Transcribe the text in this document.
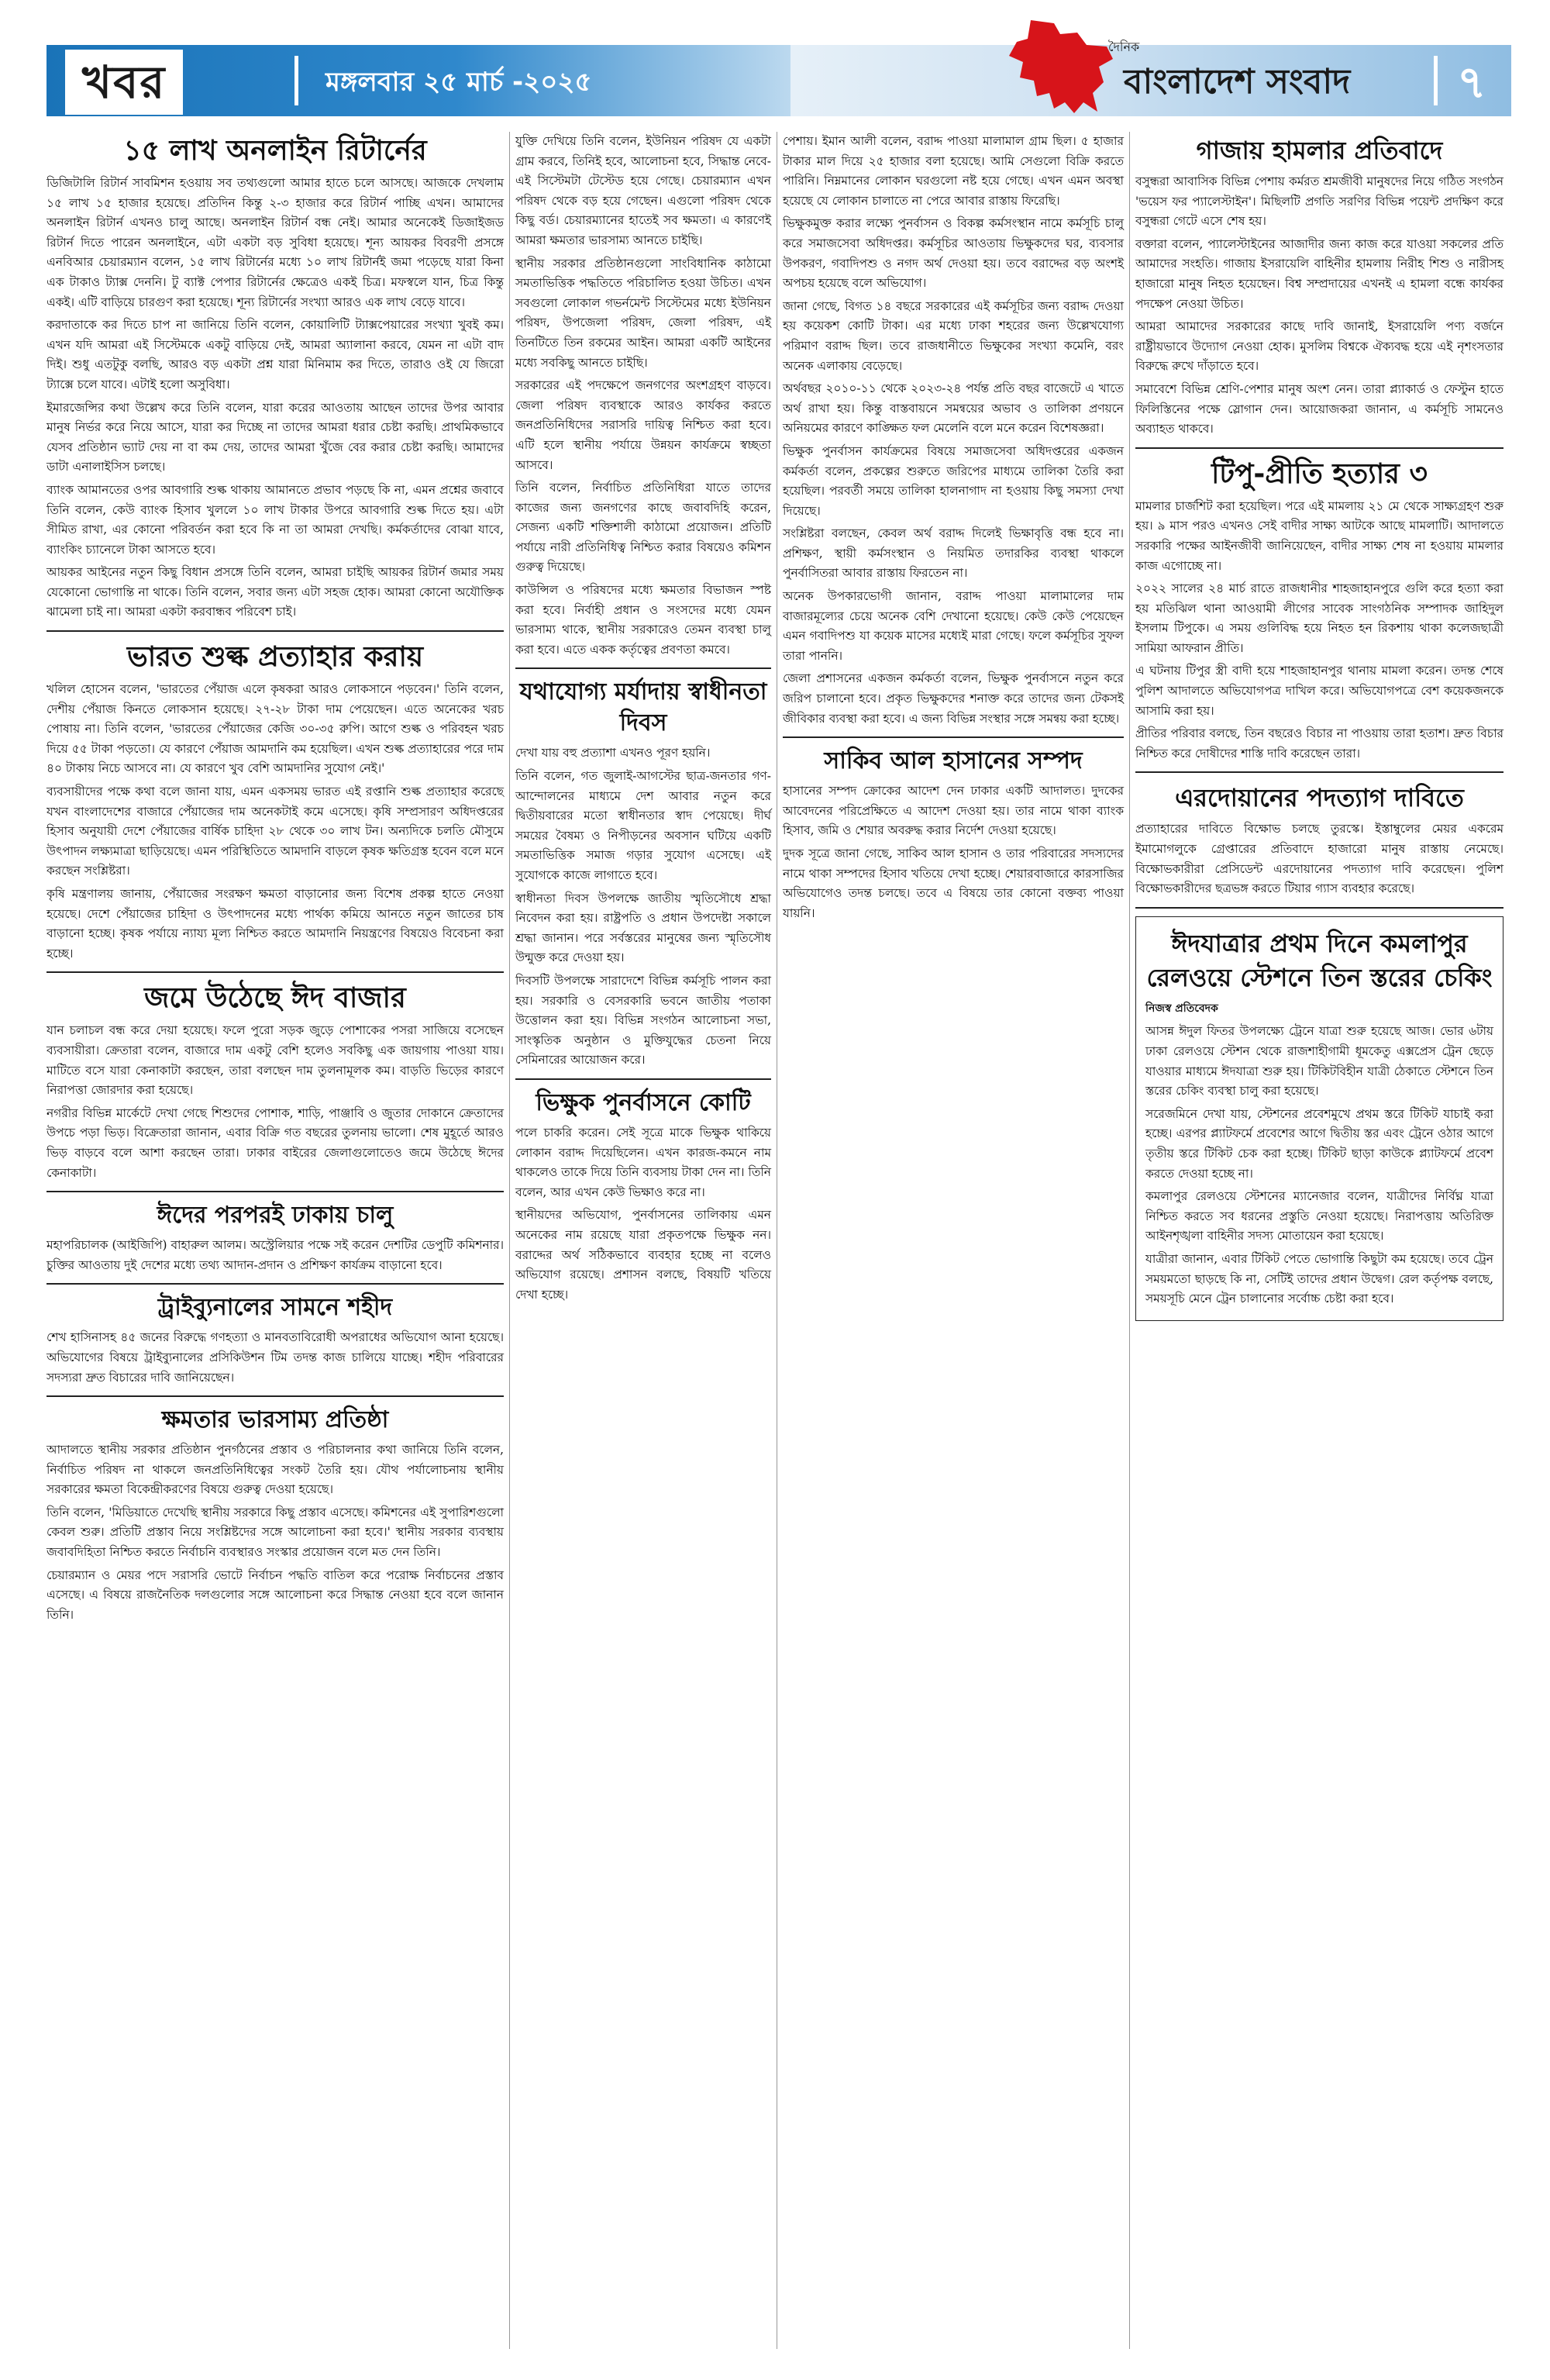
খবর	মঙ্গলবার ২৫ মার্চ -২০২৫
দৈনিক
বাংলাদেশ সংবাদ ৭
১৫ লাখ অনলাইন রিটার্নের

ডিজিটালি রিটার্ন সাবমিশন হওয়ায় সব তথ্যগুলো আমার হাতে চলে আসছে। আজকে দেখলাম ১৫ লাখ ১৫ হাজার হয়েছে। প্রতিদিন কিন্তু ২-৩ হাজার করে রিটার্ন পাচ্ছি এখন। আমাদের অনলাইন রিটার্ন এখনও চালু আছে। অনলাইন রিটার্ন বন্ধ নেই। আমার অনেকেই ডিজাইজড রিটার্ন দিতে পারেন অনলাইনে, এটা একটা বড় সুবিধা হয়েছে। শূন্য আয়কর বিবরণী প্রসঙ্গে এনবিআর চেয়ারম্যান বলেন, ১৫ লাখ রিটার্নের মধ্যে ১০ লাখ রিটার্নই জমা পড়েছে যারা কিনা এক টাকাও ট্যাক্স দেননি। টু ব্যাক্ট পেপার রিটার্নের ক্ষেত্রেও একই চিত্র। মফস্বলে যান, চিত্র কিন্তু একই। এটি বাড়িয়ে চারগুণ করা হয়েছে। শূন্য রিটার্নের সংখ্যা আরও এক লাখ বেড়ে যাবে।

করদাতাকে কর দিতে চাপ না জানিয়ে তিনি বলেন, কোয়ালিটি ট্যাক্সপেয়ারের সংখ্যা খুবই কম। এখন যদি আমরা এই সিস্টেমকে একটু বাড়িয়ে দেই, আমরা অ্যালানা করবে, যেমন না এটা বাদ দিই। শুধু এতটুকু বলছি, আরও বড় একটা প্রশ্ন যারা মিনিমাম কর দিতে, তারাও ওই যে জিরো ট্যাক্সে চলে যাবে। এটাই হলো অসুবিধা।

ইমারজেন্সির কথা উল্লেখ করে তিনি বলেন, যারা করের আওতায় আছেন তাদের উপর আবার মানুষ নির্ভর করে নিয়ে আসে, যারা কর দিচ্ছে না তাদের আমরা ধরার চেষ্টা করছি। প্রাথমিকভাবে যেসব প্রতিষ্ঠান ভ্যাট দেয় না বা কম দেয়, তাদের আমরা খুঁজে বের করার চেষ্টা করছি। আমাদের ডাটা এনালাইসিস চলছে।

ব্যাংক আমানতের ওপর আবগারি শুল্ক থাকায় আমানতে প্রভাব পড়ছে কি না, এমন প্রশ্নের জবাবে তিনি বলেন, কেউ ব্যাংক হিসাব খুললে ১০ লাখ টাকার উপরে আবগারি শুল্ক দিতে হয়। এটা সীমিত রাখা, এর কোনো পরিবর্তন করা হবে কি না তা আমরা দেখছি। কর্মকর্তাদের বোঝা যাবে, ব্যাংকিং চ্যানেলে টাকা আসতে হবে।

আয়কর আইনের নতুন কিছু বিধান প্রসঙ্গে তিনি বলেন, আমরা চাইছি আয়কর রিটার্ন জমার সময় যেকোনো ভোগান্তি না থাকে। তিনি বলেন, সবার জন্য এটা সহজ হোক। আমরা কোনো অযৌক্তিক ঝামেলা চাই না। আমরা একটা করবান্ধব পরিবেশ চাই।

ভারত শুল্ক প্রত্যাহার করায়

খলিল হোসেন বলেন, 'ভারতের পেঁয়াজ এলে কৃষকরা আরও লোকসানে পড়বেন।' তিনি বলেন, দেশীয় পেঁয়াজ কিনতে লোকসান হয়েছে। ২৭-২৮ টাকা দাম পেয়েছেন। এতে অনেকের খরচ পোষায় না। তিনি বলেন, 'ভারতের পেঁয়াজের কেজি ৩০-৩৫ রুপি। আগে শুল্ক ও পরিবহন খরচ দিয়ে ৫৫ টাকা পড়তো। যে কারণে পেঁয়াজ আমদানি কম হয়েছিল। এখন শুল্ক প্রত্যাহারের পরে দাম ৪০ টাকায় নিচে আসবে না। যে কারণে খুব বেশি আমদানির সুযোগ নেই।'

ব্যবসায়ীদের পক্ষে কথা বলে জানা যায়, এমন একসময় ভারত এই রপ্তানি শুল্ক প্রত্যাহার করেছে যখন বাংলাদেশের বাজারে পেঁয়াজের দাম অনেকটাই কমে এসেছে। কৃষি সম্প্রসারণ অধিদপ্তরের হিসাব অনুযায়ী দেশে পেঁয়াজের বার্ষিক চাহিদা ২৮ থেকে ৩০ লাখ টন। অন্যদিকে চলতি মৌসুমে উৎপাদন লক্ষ্যমাত্রা ছাড়িয়েছে। এমন পরিস্থিতিতে আমদানি বাড়লে কৃষক ক্ষতিগ্রস্ত হবেন বলে মনে করছেন সংশ্লিষ্টরা।

কৃষি মন্ত্রণালয় জানায়, পেঁয়াজের সংরক্ষণ ক্ষমতা বাড়ানোর জন্য বিশেষ প্রকল্প হাতে নেওয়া হয়েছে। দেশে পেঁয়াজের চাহিদা ও উৎপাদনের মধ্যে পার্থক্য কমিয়ে আনতে নতুন জাতের চাষ বাড়ানো হচ্ছে। কৃষক পর্যায়ে ন্যায্য মূল্য নিশ্চিত করতে আমদানি নিয়ন্ত্রণের বিষয়েও বিবেচনা করা হচ্ছে।

জমে উঠেছে ঈদ বাজার

যান চলাচল বন্ধ করে দেয়া হয়েছে। ফলে পুরো সড়ক জুড়ে পোশাকের পসরা সাজিয়ে বসেছেন ব্যবসায়ীরা। ক্রেতারা বলেন, বাজারে দাম একটু বেশি হলেও সবকিছু এক জায়গায় পাওয়া যায়। মাটিতে বসে যারা কেনাকাটা করছেন, তারা বলছেন দাম তুলনামূলক কম। বাড়তি ভিড়ের কারণে নিরাপত্তা জোরদার করা হয়েছে।

নগরীর বিভিন্ন মার্কেটে দেখা গেছে শিশুদের পোশাক, শাড়ি, পাঞ্জাবি ও জুতার দোকানে ক্রেতাদের উপচে পড়া ভিড়। বিক্রেতারা জানান, এবার বিক্রি গত বছরের তুলনায় ভালো। শেষ মুহূর্তে আরও ভিড় বাড়বে বলে আশা করছেন তারা। ঢাকার বাইরের জেলাগুলোতেও জমে উঠেছে ঈদের কেনাকাটা।

ঈদের পরপরই ঢাকায় চালু

মহাপরিচালক (আইজিপি) বাহারুল আলম। অস্ট্রেলিয়ার পক্ষে সই করেন দেশটির ডেপুটি কমিশনার। চুক্তির আওতায় দুই দেশের মধ্যে তথ্য আদান-প্রদান ও প্রশিক্ষণ কার্যক্রম বাড়ানো হবে।

ট্রাইব্যুনালের সামনে শহীদ

শেখ হাসিনাসহ ৪৫ জনের বিরুদ্ধে গণহত্যা ও মানবতাবিরোধী অপরাধের অভিযোগ আনা হয়েছে। অভিযোগের বিষয়ে ট্রাইব্যুনালের প্রসিকিউশন টিম তদন্ত কাজ চালিয়ে যাচ্ছে। শহীদ পরিবারের সদস্যরা দ্রুত বিচারের দাবি জানিয়েছেন।

ক্ষমতার ভারসাম্য প্রতিষ্ঠা

আদালতে স্থানীয় সরকার প্রতিষ্ঠান পুনর্গঠনের প্রস্তাব ও পরিচালনার কথা জানিয়ে তিনি বলেন, নির্বাচিত পরিষদ না থাকলে জনপ্রতিনিধিত্বের সংকট তৈরি হয়। যৌথ পর্যালোচনায় স্থানীয় সরকারের ক্ষমতা বিকেন্দ্রীকরণের বিষয়ে গুরুত্ব দেওয়া হয়েছে।

তিনি বলেন, 'মিডিয়াতে দেখেছি স্থানীয় সরকারে কিছু প্রস্তাব এসেছে। কমিশনের এই সুপারিশগুলো কেবল শুরু। প্রতিটি প্রস্তাব নিয়ে সংশ্লিষ্টদের সঙ্গে আলোচনা করা হবে।' স্থানীয় সরকার ব্যবস্থায় জবাবদিহিতা নিশ্চিত করতে নির্বাচনি ব্যবস্থারও সংস্কার প্রয়োজন বলে মত দেন তিনি।

চেয়ারম্যান ও মেয়র পদে সরাসরি ভোটে নির্বাচন পদ্ধতি বাতিল করে পরোক্ষ নির্বাচনের প্রস্তাব এসেছে। এ বিষয়ে রাজনৈতিক দলগুলোর সঙ্গে আলোচনা করে সিদ্ধান্ত নেওয়া হবে বলে জানান তিনি।

যুক্তি দেখিয়ে তিনি বলেন, ইউনিয়ন পরিষদ যে একটা গ্রাম করবে, তিনিই হবে, আলোচনা হবে, সিদ্ধান্ত নেবে-এই সিস্টেমটা টেস্টেড হয়ে গেছে। চেয়ারম্যান এখন পরিষদ থেকে বড় হয়ে গেছেন। এগুলো পরিষদ থেকে কিছু বর্ড। চেয়ারম্যানের হাতেই সব ক্ষমতা। এ কারণেই আমরা ক্ষমতার ভারসাম্য আনতে চাইছি।

স্থানীয় সরকার প্রতিষ্ঠানগুলো সাংবিধানিক কাঠামো সমতাভিত্তিক পদ্ধতিতে পরিচালিত হওয়া উচিত। এখন সবগুলো লোকাল গভর্নমেন্ট সিস্টেমের মধ্যে ইউনিয়ন পরিষদ, উপজেলা পরিষদ, জেলা পরিষদ, এই তিনটিতে তিন রকমের আইন। আমরা একটি আইনের মধ্যে সবকিছু আনতে চাইছি।

সরকারের এই পদক্ষেপে জনগণের অংশগ্রহণ বাড়বে। জেলা পরিষদ ব্যবস্থাকে আরও কার্যকর করতে জনপ্রতিনিধিদের সরাসরি দায়িত্ব নিশ্চিত করা হবে। এটি হলে স্থানীয় পর্যায়ে উন্নয়ন কার্যক্রমে স্বচ্ছতা আসবে।

তিনি বলেন, নির্বাচিত প্রতিনিধিরা যাতে তাদের কাজের জন্য জনগণের কাছে জবাবদিহি করেন, সেজন্য একটি শক্তিশালী কাঠামো প্রয়োজন। প্রতিটি পর্যায়ে নারী প্রতিনিধিত্ব নিশ্চিত করার বিষয়েও কমিশন গুরুত্ব দিয়েছে।

কাউন্সিল ও পরিষদের মধ্যে ক্ষমতার বিভাজন স্পষ্ট করা হবে। নির্বাহী প্রধান ও সংসদের মধ্যে যেমন ভারসাম্য থাকে, স্থানীয় সরকারেও তেমন ব্যবস্থা চালু করা হবে। এতে একক কর্তৃত্বের প্রবণতা কমবে।

যথাযোগ্য মর্যাদায় স্বাধীনতা দিবস

দেখা যায় বহু প্রত্যাশা এখনও পূরণ হয়নি।

তিনি বলেন, গত জুলাই-আগস্টের ছাত্র-জনতার গণ-আন্দোলনের মাধ্যমে দেশ আবার নতুন করে দ্বিতীয়বারের মতো স্বাধীনতার স্বাদ পেয়েছে। দীর্ঘ সময়ের বৈষম্য ও নিপীড়নের অবসান ঘটিয়ে একটি সমতাভিত্তিক সমাজ গড়ার সুযোগ এসেছে। এই সুযোগকে কাজে লাগাতে হবে।

স্বাধীনতা দিবস উপলক্ষে জাতীয় স্মৃতিসৌধে শ্রদ্ধা নিবেদন করা হয়। রাষ্ট্রপতি ও প্রধান উপদেষ্টা সকালে শ্রদ্ধা জানান। পরে সর্বস্তরের মানুষের জন্য স্মৃতিসৌধ উন্মুক্ত করে দেওয়া হয়।

দিবসটি উপলক্ষে সারাদেশে বিভিন্ন কর্মসূচি পালন করা হয়। সরকারি ও বেসরকারি ভবনে জাতীয় পতাকা উত্তোলন করা হয়। বিভিন্ন সংগঠন আলোচনা সভা, সাংস্কৃতিক অনুষ্ঠান ও মুক্তিযুদ্ধের চেতনা নিয়ে সেমিনারের আয়োজন করে।

ভিক্ষুক পুনর্বাসনে কোটি

পলে চাকরি করেন। সেই সূত্রে মাকে ভিক্ষুক থাকিয়ে লোকান বরাদ্দ দিয়েছিলেন। এখন কারজ-কমনে নাম থাকলেও তাকে দিয়ে তিনি ব্যবসায় টাকা দেন না। তিনি বলেন, আর এখন কেউ ভিক্ষাও করে না।

স্থানীয়দের অভিযোগ, পুনর্বাসনের তালিকায় এমন অনেকের নাম রয়েছে যারা প্রকৃতপক্ষে ভিক্ষুক নন। বরাদ্দের অর্থ সঠিকভাবে ব্যবহার হচ্ছে না বলেও অভিযোগ রয়েছে। প্রশাসন বলছে, বিষয়টি খতিয়ে দেখা হচ্ছে।

পেশায়। ইমান আলী বলেন, বরাদ্দ পাওয়া মালামাল গ্রাম ছিল। ৫ হাজার টাকার মাল দিয়ে ২৫ হাজার বলা হয়েছে। আমি সেগুলো বিক্রি করতে পারিনি। নিম্নমানের লোকান ঘরগুলো নষ্ট হয়ে গেছে। এখন এমন অবস্থা হয়েছে যে লোকান চালাতে না পেরে আবার রাস্তায় ফিরেছি।

ভিক্ষুকমুক্ত করার লক্ষ্যে পুনর্বাসন ও বিকল্প কর্মসংস্থান নামে কর্মসূচি চালু করে সমাজসেবা অধিদপ্তর। কর্মসূচির আওতায় ভিক্ষুকদের ঘর, ব্যবসার উপকরণ, গবাদিপশু ও নগদ অর্থ দেওয়া হয়। তবে বরাদ্দের বড় অংশই অপচয় হয়েছে বলে অভিযোগ।

জানা গেছে, বিগত ১৪ বছরে সরকারের এই কর্মসূচির জন্য বরাদ্দ দেওয়া হয় কয়েকশ কোটি টাকা। এর মধ্যে ঢাকা শহরের জন্য উল্লেখযোগ্য পরিমাণ বরাদ্দ ছিল। তবে রাজধানীতে ভিক্ষুকের সংখ্যা কমেনি, বরং অনেক এলাকায় বেড়েছে।

অর্থবছর ২০১০-১১ থেকে ২০২৩-২৪ পর্যন্ত প্রতি বছর বাজেটে এ খাতে অর্থ রাখা হয়। কিন্তু বাস্তবায়নে সমন্বয়ের অভাব ও তালিকা প্রণয়নে অনিয়মের কারণে কাঙ্ক্ষিত ফল মেলেনি বলে মনে করেন বিশেষজ্ঞরা।

ভিক্ষুক পুনর্বাসন কার্যক্রমের বিষয়ে সমাজসেবা অধিদপ্তরের একজন কর্মকর্তা বলেন, প্রকল্পের শুরুতে জরিপের মাধ্যমে তালিকা তৈরি করা হয়েছিল। পরবর্তী সময়ে তালিকা হালনাগাদ না হওয়ায় কিছু সমস্যা দেখা দিয়েছে।

সংশ্লিষ্টরা বলছেন, কেবল অর্থ বরাদ্দ দিলেই ভিক্ষাবৃত্তি বন্ধ হবে না। প্রশিক্ষণ, স্থায়ী কর্মসংস্থান ও নিয়মিত তদারকির ব্যবস্থা থাকলে পুনর্বাসিতরা আবার রাস্তায় ফিরতেন না।

অনেক উপকারভোগী জানান, বরাদ্দ পাওয়া মালামালের দাম বাজারমূল্যের চেয়ে অনেক বেশি দেখানো হয়েছে। কেউ কেউ পেয়েছেন এমন গবাদিপশু যা কয়েক মাসের মধ্যেই মারা গেছে। ফলে কর্মসূচির সুফল তারা পাননি।

জেলা প্রশাসনের একজন কর্মকর্তা বলেন, ভিক্ষুক পুনর্বাসনে নতুন করে জরিপ চালানো হবে। প্রকৃত ভিক্ষুকদের শনাক্ত করে তাদের জন্য টেকসই জীবিকার ব্যবস্থা করা হবে। এ জন্য বিভিন্ন সংস্থার সঙ্গে সমন্বয় করা হচ্ছে।

সাকিব আল হাসানের সম্পদ

হাসানের সম্পদ ক্রোকের আদেশ দেন ঢাকার একটি আদালত। দুদকের আবেদনের পরিপ্রেক্ষিতে এ আদেশ দেওয়া হয়। তার নামে থাকা ব্যাংক হিসাব, জমি ও শেয়ার অবরুদ্ধ করার নির্দেশ দেওয়া হয়েছে।

দুদক সূত্রে জানা গেছে, সাকিব আল হাসান ও তার পরিবারের সদস্যদের নামে থাকা সম্পদের হিসাব খতিয়ে দেখা হচ্ছে। শেয়ারবাজারে কারসাজির অভিযোগেও তদন্ত চলছে। তবে এ বিষয়ে তার কোনো বক্তব্য পাওয়া যায়নি।

গাজায় হামলার প্রতিবাদে

বসুন্ধরা আবাসিক বিভিন্ন পেশায় কর্মরত শ্রমজীবী মানুষদের নিয়ে গঠিত সংগঠন 'ভয়েস ফর প্যালেস্টাইন'। মিছিলটি প্রগতি সরণির বিভিন্ন পয়েন্ট প্রদক্ষিণ করে বসুন্ধরা গেটে এসে শেষ হয়।

বক্তারা বলেন, প্যালেস্টাইনের আজাদীর জন্য কাজ করে যাওয়া সকলের প্রতি আমাদের সংহতি। গাজায় ইসরায়েলি বাহিনীর হামলায় নিরীহ শিশু ও নারীসহ হাজারো মানুষ নিহত হয়েছেন। বিশ্ব সম্প্রদায়ের এখনই এ হামলা বন্ধে কার্যকর পদক্ষেপ নেওয়া উচিত।

আমরা আমাদের সরকারের কাছে দাবি জানাই, ইসরায়েলি পণ্য বর্জনে রাষ্ট্রীয়ভাবে উদ্যোগ নেওয়া হোক। মুসলিম বিশ্বকে ঐক্যবদ্ধ হয়ে এই নৃশংসতার বিরুদ্ধে রুখে দাঁড়াতে হবে।

সমাবেশে বিভিন্ন শ্রেণি-পেশার মানুষ অংশ নেন। তারা প্ল্যাকার্ড ও ফেস্টুন হাতে ফিলিস্তিনের পক্ষে স্লোগান দেন। আয়োজকরা জানান, এ কর্মসূচি সামনেও অব্যাহত থাকবে।

টিপু-প্রীতি হত্যার ৩

মামলার চার্জশিট করা হয়েছিল। পরে এই মামলায় ২১ মে থেকে সাক্ষ্যগ্রহণ শুরু হয়। ৯ মাস পরও এখনও সেই বাদীর সাক্ষ্য আটকে আছে মামলাটি। আদালতে সরকারি পক্ষের আইনজীবী জানিয়েছেন, বাদীর সাক্ষ্য শেষ না হওয়ায় মামলার কাজ এগোচ্ছে না।

২০২২ সালের ২৪ মার্চ রাতে রাজধানীর শাহজাহানপুরে গুলি করে হত্যা করা হয় মতিঝিল থানা আওয়ামী লীগের সাবেক সাংগঠনিক সম্পাদক জাহিদুল ইসলাম টিপুকে। এ সময় গুলিবিদ্ধ হয়ে নিহত হন রিকশায় থাকা কলেজছাত্রী সামিয়া আফরান প্রীতি।

এ ঘটনায় টিপুর স্ত্রী বাদী হয়ে শাহজাহানপুর থানায় মামলা করেন। তদন্ত শেষে পুলিশ আদালতে অভিযোগপত্র দাখিল করে। অভিযোগপত্রে বেশ কয়েকজনকে আসামি করা হয়।

প্রীতির পরিবার বলছে, তিন বছরেও বিচার না পাওয়ায় তারা হতাশ। দ্রুত বিচার নিশ্চিত করে দোষীদের শাস্তি দাবি করেছেন তারা।

এরদোয়ানের পদত্যাগ দাবিতে

প্রত্যাহারের দাবিতে বিক্ষোভ চলছে তুরস্কে। ইস্তাম্বুলের মেয়র একরেম ইমামোগলুকে গ্রেপ্তারের প্রতিবাদে হাজারো মানুষ রাস্তায় নেমেছে। বিক্ষোভকারীরা প্রেসিডেন্ট এরদোয়ানের পদত্যাগ দাবি করেছেন। পুলিশ বিক্ষোভকারীদের ছত্রভঙ্গ করতে টিয়ার গ্যাস ব্যবহার করেছে।

ঈদযাত্রার প্রথম দিনে কমলাপুর রেলওয়ে স্টেশনে তিন স্তরের চেকিং
নিজস্ব প্রতিবেদক

আসন্ন ঈদুল ফিতর উপলক্ষ্যে ট্রেনে যাত্রা শুরু হয়েছে আজ। ভোর ৬টায় ঢাকা রেলওয়ে স্টেশন থেকে রাজশাহীগামী ধূমকেতু এক্সপ্রেস ট্রেন ছেড়ে যাওয়ার মাধ্যমে ঈদযাত্রা শুরু হয়। টিকিটবিহীন যাত্রী ঠেকাতে স্টেশনে তিন স্তরের চেকিং ব্যবস্থা চালু করা হয়েছে।

সরেজমিনে দেখা যায়, স্টেশনের প্রবেশমুখে প্রথম স্তরে টিকিট যাচাই করা হচ্ছে। এরপর প্ল্যাটফর্মে প্রবেশের আগে দ্বিতীয় স্তর এবং ট্রেনে ওঠার আগে তৃতীয় স্তরে টিকিট চেক করা হচ্ছে। টিকিট ছাড়া কাউকে প্ল্যাটফর্মে প্রবেশ করতে দেওয়া হচ্ছে না।

কমলাপুর রেলওয়ে স্টেশনের ম্যানেজার বলেন, যাত্রীদের নির্বিঘ্ন যাত্রা নিশ্চিত করতে সব ধরনের প্রস্তুতি নেওয়া হয়েছে। নিরাপত্তায় অতিরিক্ত আইনশৃঙ্খলা বাহিনীর সদস্য মোতায়েন করা হয়েছে।

যাত্রীরা জানান, এবার টিকিট পেতে ভোগান্তি কিছুটা কম হয়েছে। তবে ট্রেন সময়মতো ছাড়ছে কি না, সেটিই তাদের প্রধান উদ্বেগ। রেল কর্তৃপক্ষ বলছে, সময়সূচি মেনে ট্রেন চালানোর সর্বোচ্চ চেষ্টা করা হবে।
